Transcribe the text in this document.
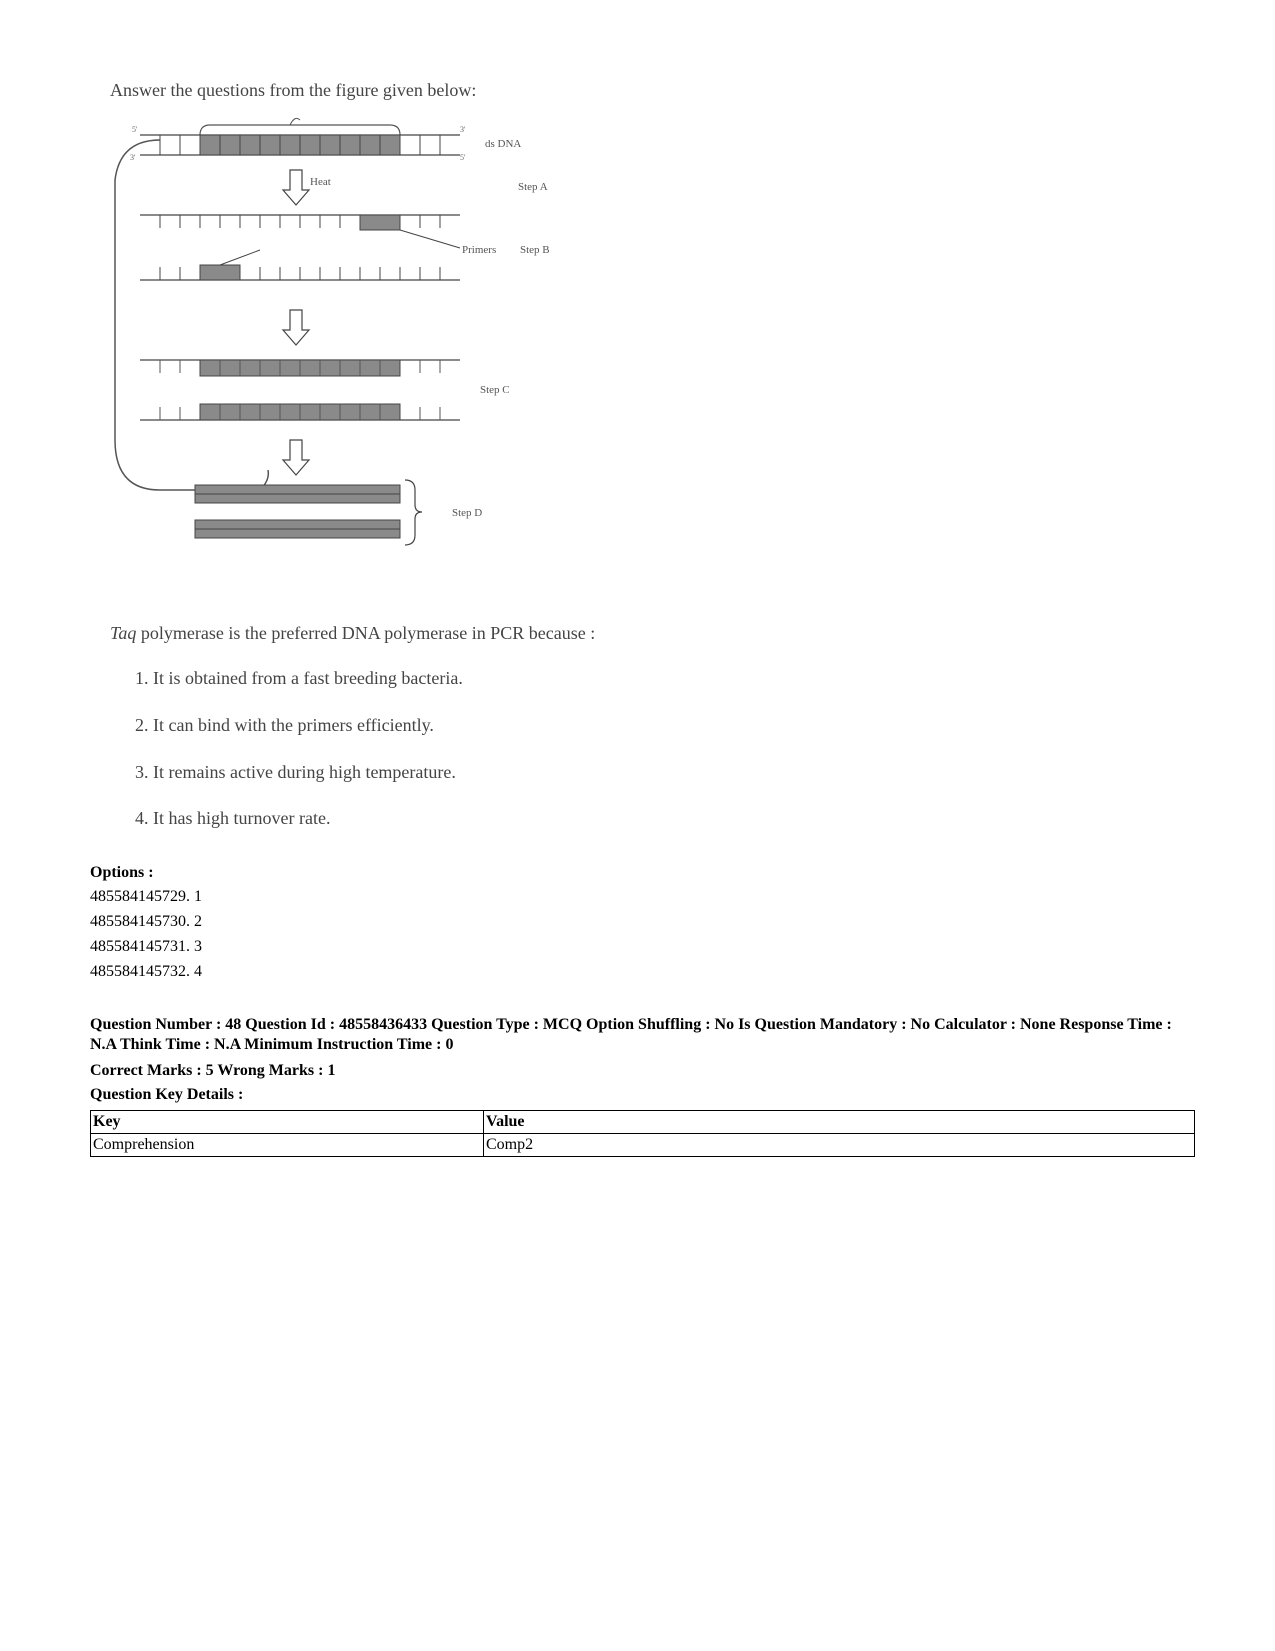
Answer the questions from the figure given below:
5'
3'
3'
5'
ds DNA
Heat	Step A
Primers Step B
Step C
Step D
Taq polymerase is the preferred DNA polymerase in PCR because :
1. It is obtained from a fast breeding bacteria.
2. It can bind with the primers efficiently.
3. It remains active during high temperature.
4. It has high turnover rate.
Options :
485584145729. 1
485584145730. 2
485584145731. 3
485584145732. 4
Question Number : 48 Question Id : 48558436433 Question Type : MCQ Option Shuffling : No Is Question Mandatory : No Calculator : None Response Time : N.A Think Time : N.A Minimum Instruction Time : 0
Correct Marks : 5 Wrong Marks : 1
Question Key Details :
Key	Value
Comprehension	Comp2
